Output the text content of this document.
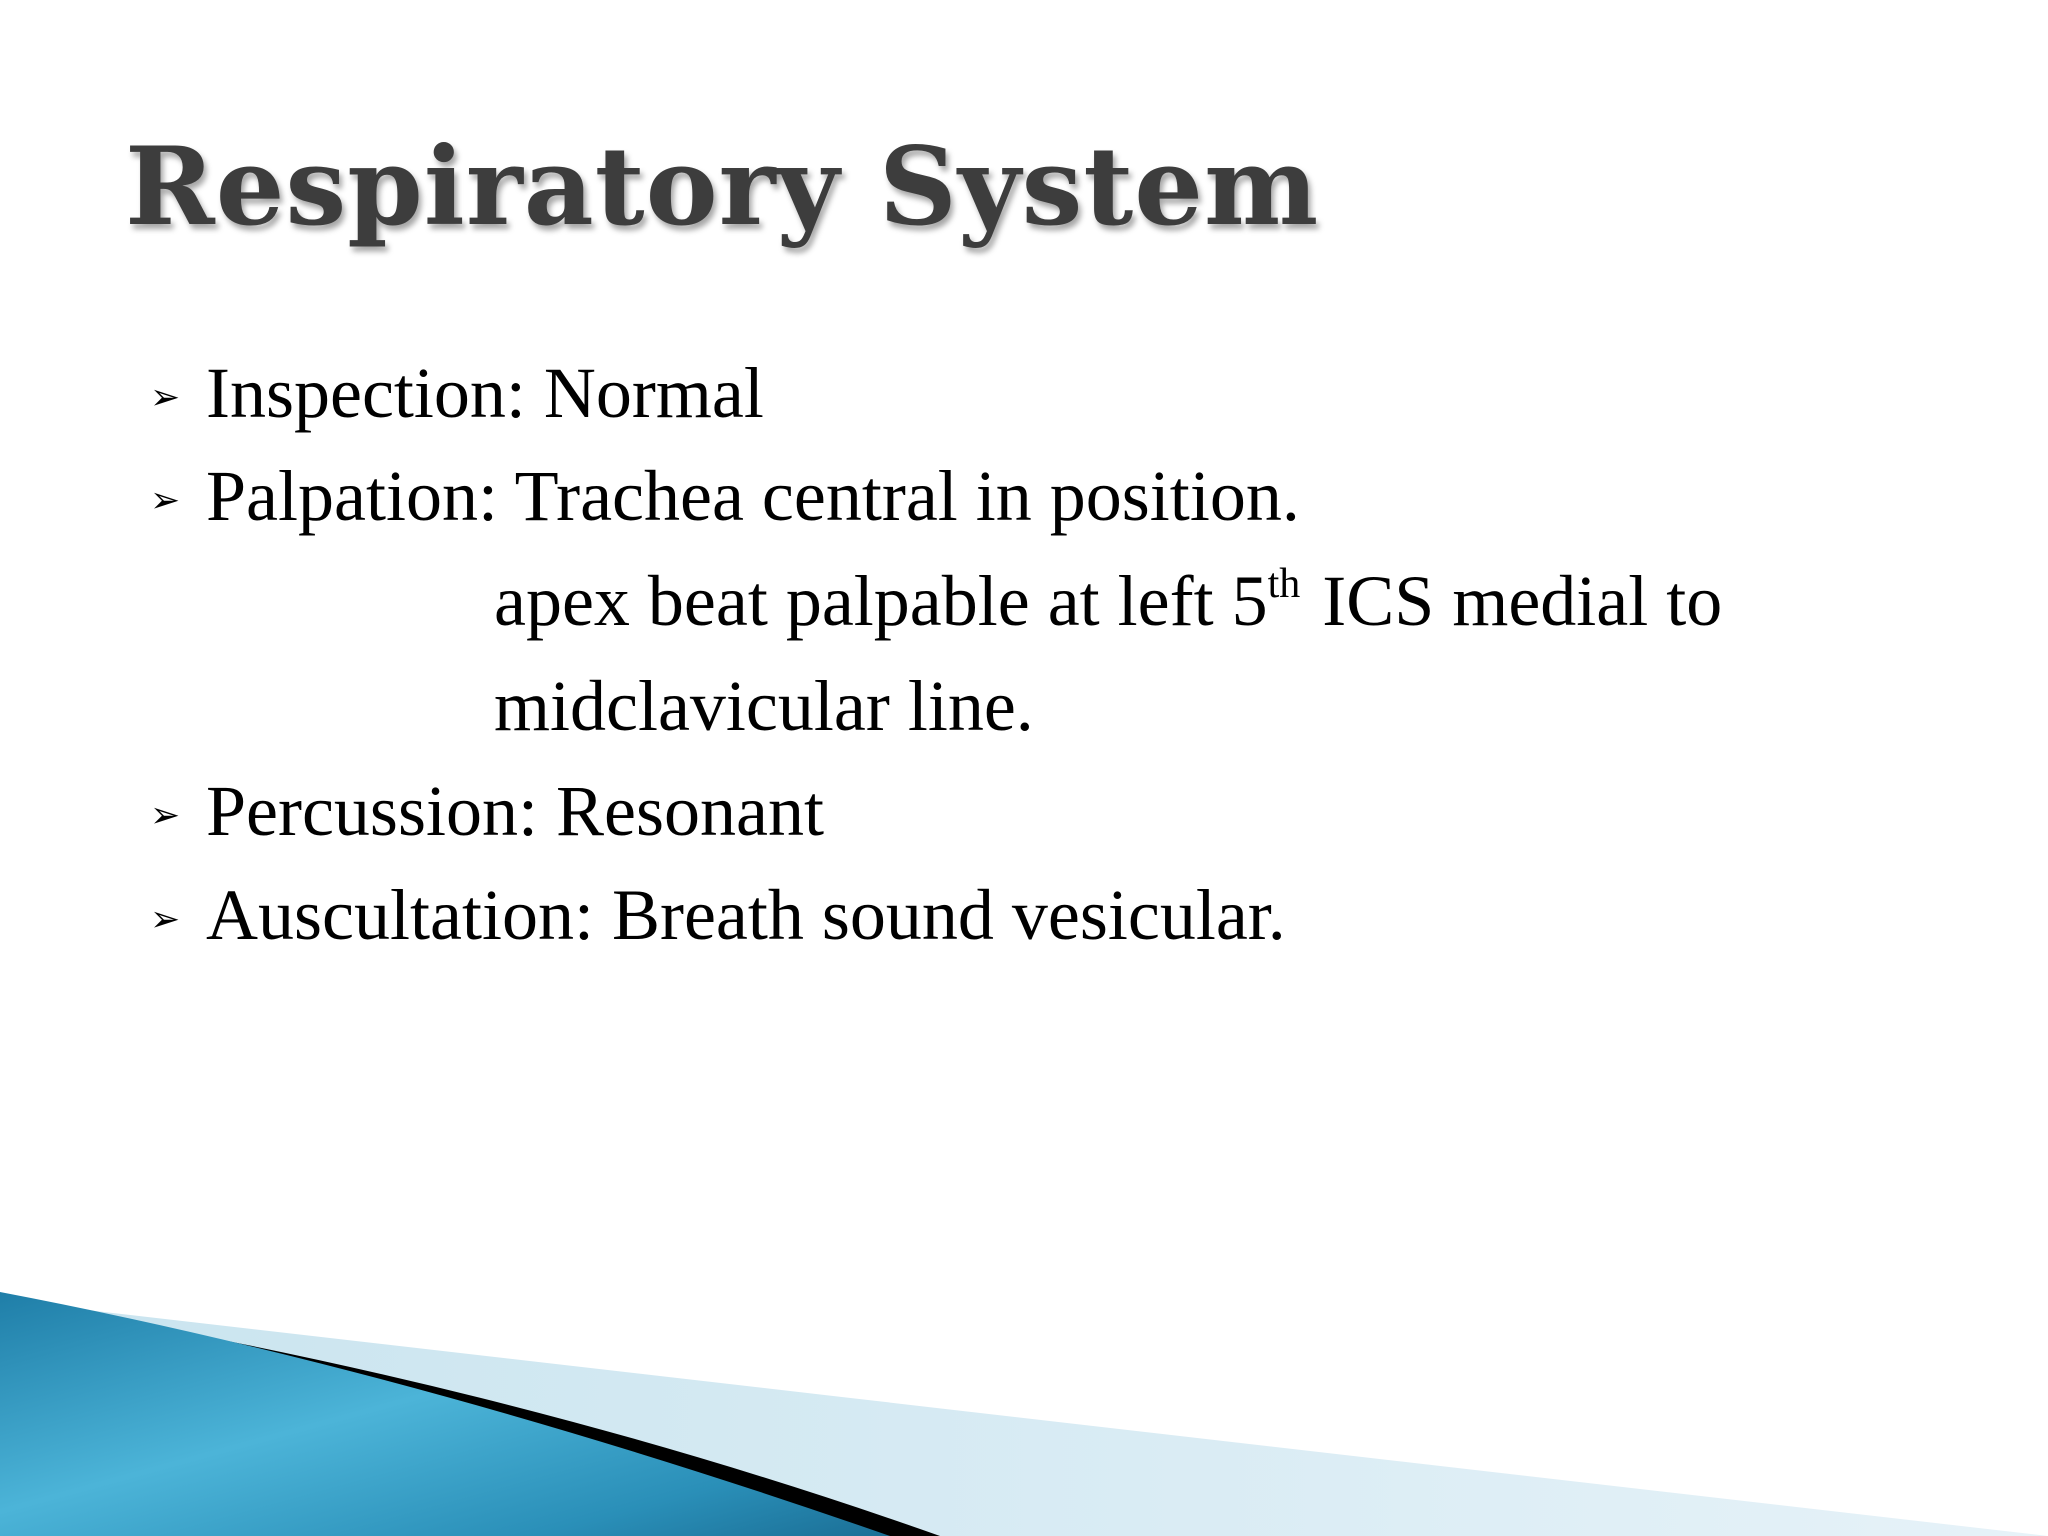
Respiratory System
➢ Inspection: Normal
➢ Palpation: Trachea central in position.
apex beat palpable at left 5th ICS medial to
midclavicular line.
➢ Percussion: Resonant
➢ Auscultation: Breath sound vesicular.
